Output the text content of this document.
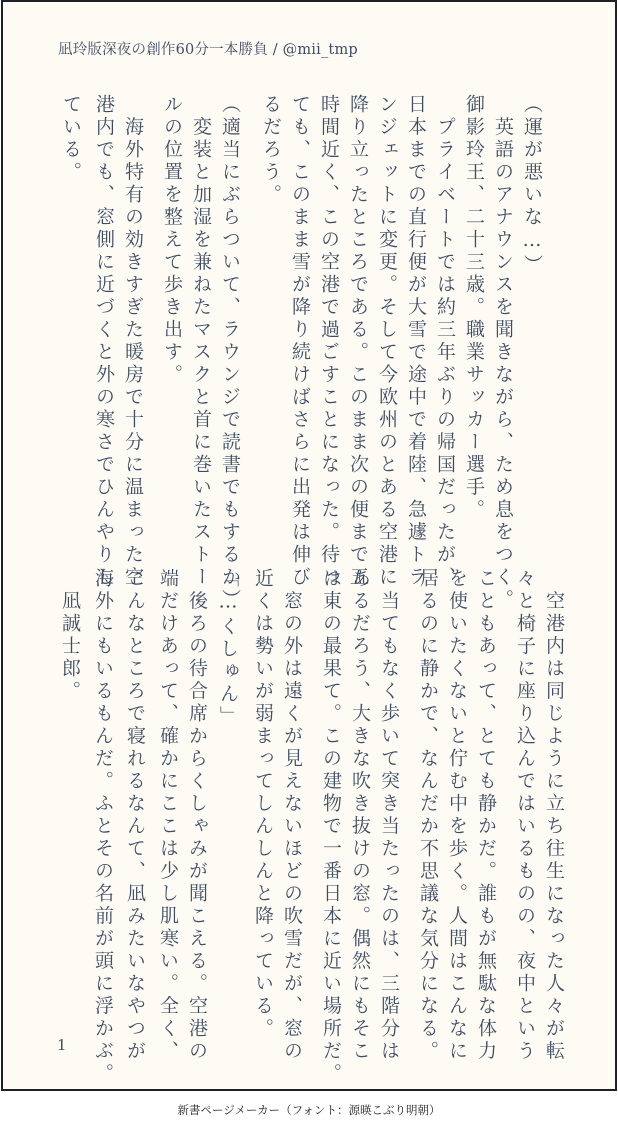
凪玲版深夜の創作60分一本勝負 / @mii_tmp
（運が悪いな…）
　英語のアナウンスを聞きながら、ため息をつく。
御影玲王、二十三歳。職業サッカー選手。
　プライベートでは約三年ぶりの帰国だったが、
日本までの直行便が大雪で途中で着陸、急遽トラ
ンジェットに変更。そして今欧州のとある空港に
降り立ったところである。このまま次の便まで五
時間近く、この空港で過ごすことになった。待っ
ても、このまま雪が降り続けばさらに出発は伸び
るだろう。
（適当にぶらついて、ラウンジで読書でもするか）
　変装と加湿を兼ねたマスクと首に巻いたストー
ルの位置を整えて歩き出す。
　海外特有の効きすぎた暖房で十分に温まった空
港内でも、窓側に近づくと外の寒さでひんやりし
ている。
　空港内は同じように立ち往生になった人々が転
々と椅子に座り込んではいるものの、夜中という
こともあって、とても静かだ。誰もが無駄な体力
を使いたくないと佇む中を歩く。人間はこんなに
居るのに静かで、なんだか不思議な気分になる。
　当てもなく歩いて突き当たったのは、三階分は
あるだろう、大きな吹き抜けの窓。偶然にもそこ
は東の最果て。この建物で一番日本に近い場所だ。
　窓の外は遠くが見えないほどの吹雪だが、窓の
近くは勢いが弱まってしんしんと降っている。
「…くしゅん」
　後ろの待合席からくしゃみが聞こえる。空港の
端だけあって、確かにここは少し肌寒い。全く、
こんなところで寝れるなんて、凪みたいなやつが
海外にもいるもんだ。ふとその名前が頭に浮かぶ。
　凪誠士郎。
1
新書ページメーカー（フォント：源暎こぶり明朝）
